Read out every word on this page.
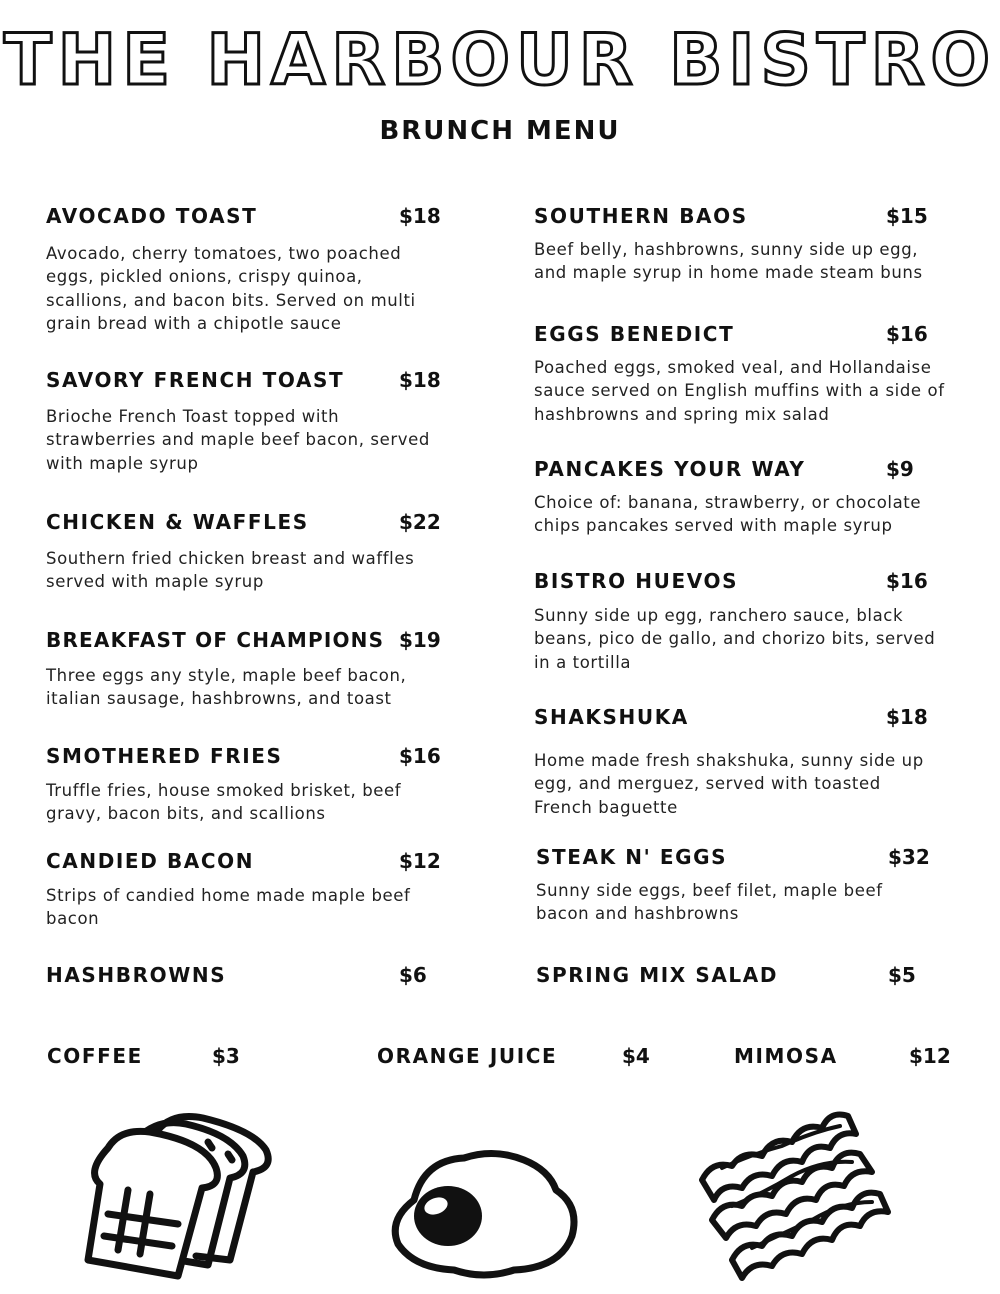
THE HARBOUR BISTRO
BRUNCH MENU
AVOCADO TOAST	$18
Avocado, cherry tomatoes, two poached eggs, pickled onions, crispy quinoa, scallions, and bacon bits. Served on multi grain bread with a chipotle sauce
SAVORY FRENCH TOAST	$18
Brioche French Toast topped with strawberries and maple beef bacon, served with maple syrup
CHICKEN & WAFFLES	$22
Southern fried chicken breast and waffles served with maple syrup
BREAKFAST OF CHAMPIONS $19
Three eggs any style, maple beef bacon, italian sausage, hashbrowns, and toast
SMOTHERED FRIES	$16
Truffle fries, house smoked brisket, beef gravy, bacon bits, and scallions
CANDIED BACON	$12
Strips of candied home made maple beef bacon
HASHBROWNS	$6
SOUTHERN BAOS	$15
Beef belly, hashbrowns, sunny side up egg, and maple syrup in home made steam buns
EGGS BENEDICT	$16
Poached eggs, smoked veal, and Hollandaise sauce served on English muffins with a side of hashbrowns and spring mix salad
PANCAKES YOUR WAY	$9
Choice of: banana, strawberry, or chocolate chips pancakes served with maple syrup
BISTRO HUEVOS	$16
Sunny side up egg, ranchero sauce, black beans, pico de gallo, and chorizo bits, served in a tortilla
SHAKSHUKA	$18
Home made fresh shakshuka, sunny side up egg, and merguez, served with toasted French baguette
STEAK N' EGGS	$32
Sunny side eggs, beef filet, maple beef bacon and hashbrowns
SPRING MIX SALAD	$5
COFFEE	$3	ORANGE JUICE	$4	MIMOSA	$12
